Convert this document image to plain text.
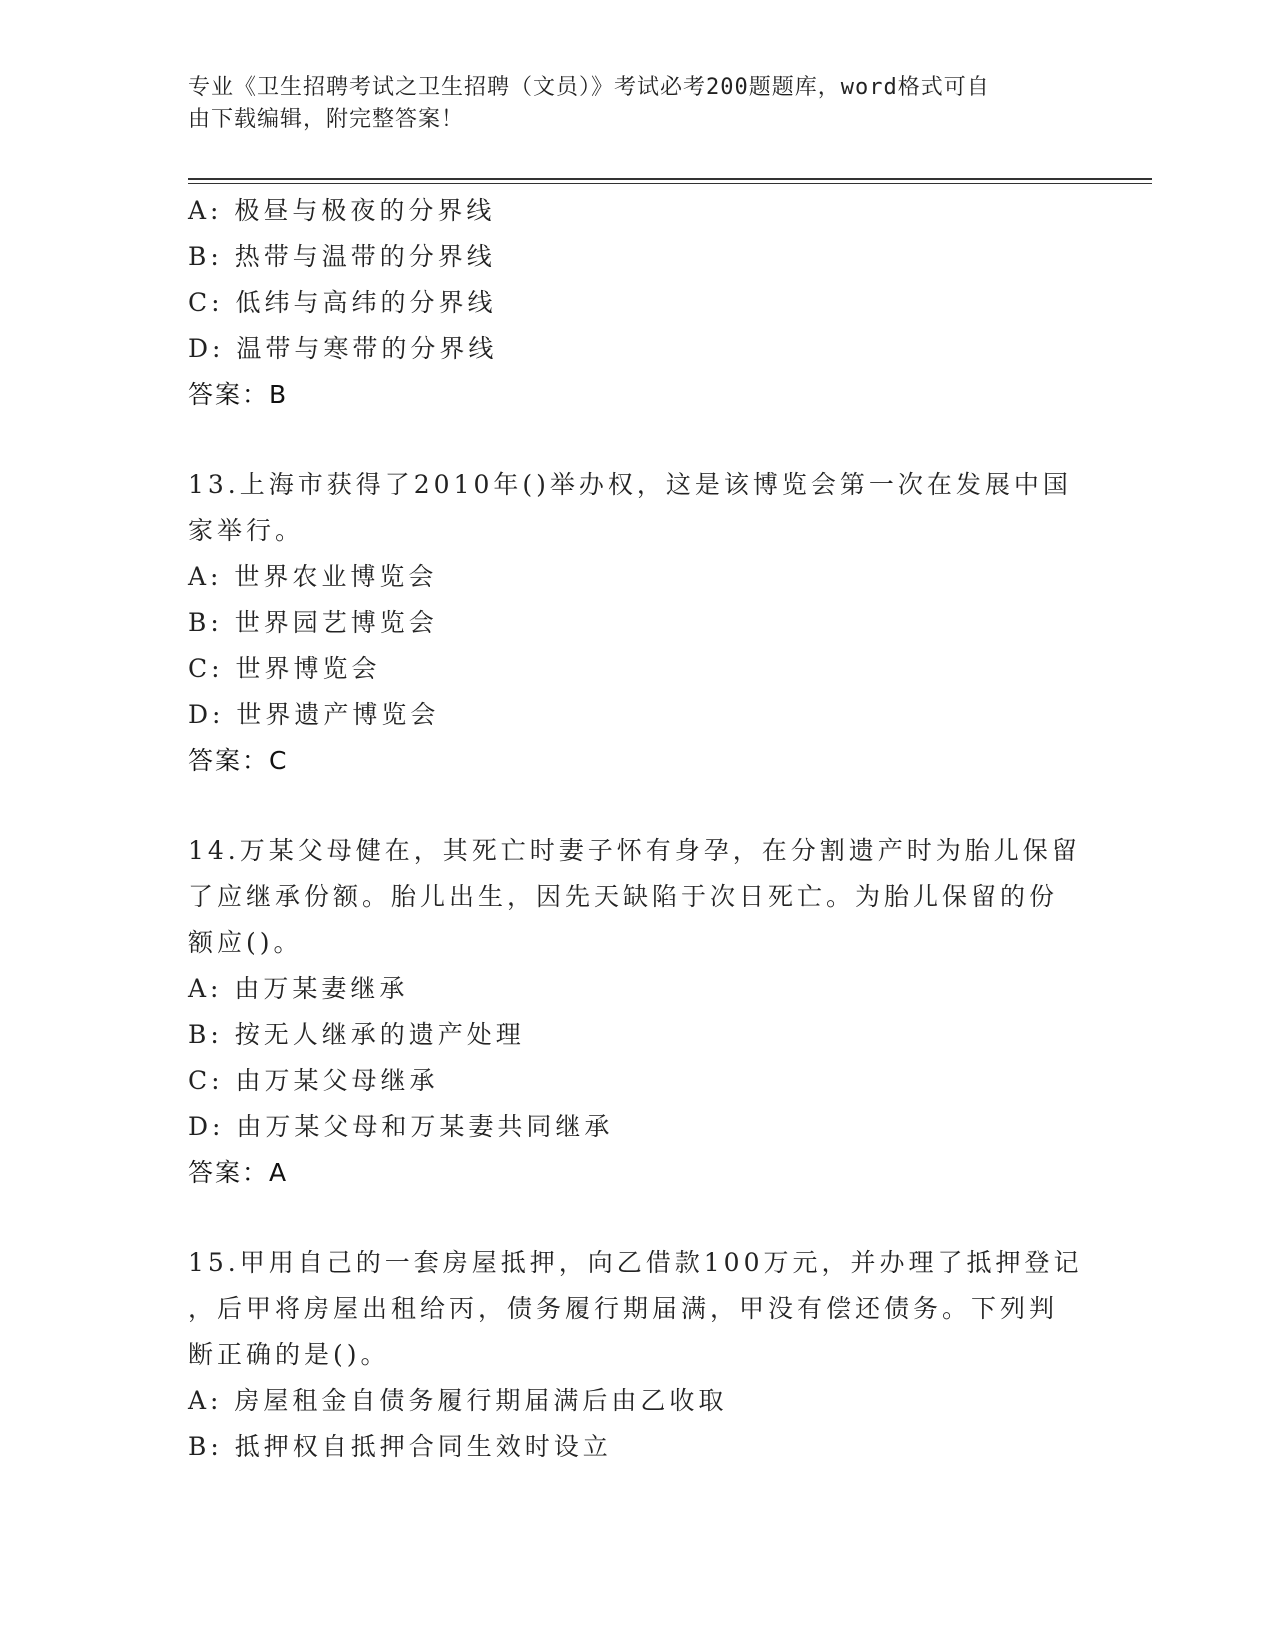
专业《卫生招聘考试之卫生招聘（文员）》考试必考200题题库，word格式可自
由下载编辑，附完整答案！
A: 极昼与极夜的分界线
B: 热带与温带的分界线
C: 低纬与高纬的分界线
D: 温带与寒带的分界线
答案：B
13.上海市获得了2010年()举办权，这是该博览会第一次在发展中国
家举行。
A: 世界农业博览会
B: 世界园艺博览会
C: 世界博览会
D: 世界遗产博览会
答案：C
14.万某父母健在，其死亡时妻子怀有身孕，在分割遗产时为胎儿保留
了应继承份额。胎儿出生，因先天缺陷于次日死亡。为胎儿保留的份
额应()。
A: 由万某妻继承
B: 按无人继承的遗产处理
C: 由万某父母继承
D: 由万某父母和万某妻共同继承
答案：A
15.甲用自己的一套房屋抵押，向乙借款100万元，并办理了抵押登记
，后甲将房屋出租给丙，债务履行期届满，甲没有偿还债务。下列判
断正确的是()。
A: 房屋租金自债务履行期届满后由乙收取
B: 抵押权自抵押合同生效时设立
